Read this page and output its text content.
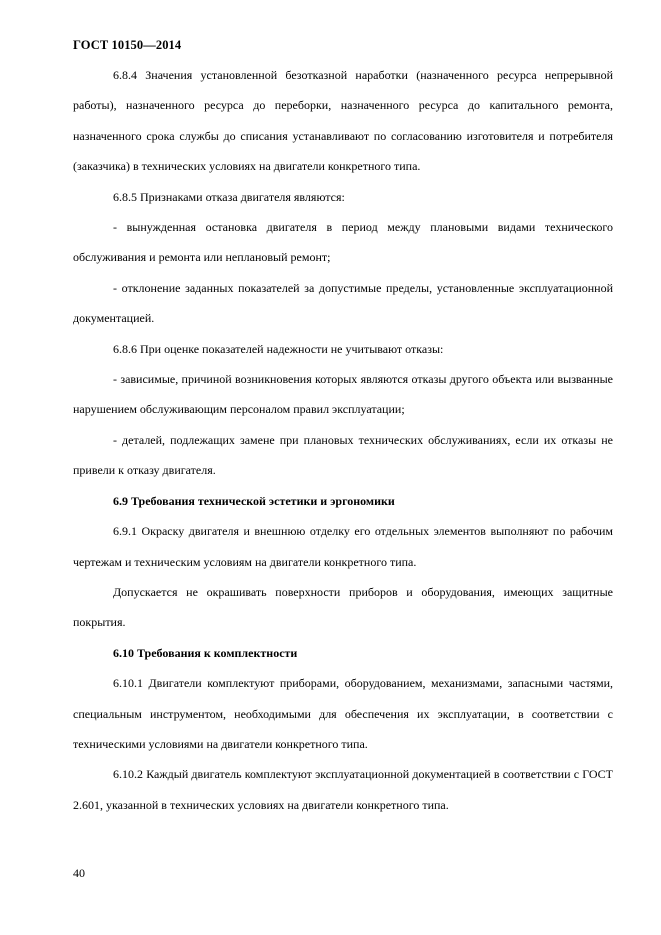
ГОСТ 10150—2014

6.8.4 Значения установленной безотказной наработки (назначенного ресурса непрерывной работы), назначенного ресурса до переборки, назначенного ресурса до капитального ремонта, назначенного срока службы до списания устанавливают по согласованию изготовителя и потребителя (заказчика) в технических условиях на двигатели конкретного типа.

6.8.5 Признаками отказа двигателя являются:

- вынужденная остановка двигателя в период между плановыми видами технического обслуживания и ремонта или неплановый ремонт;

- отклонение заданных показателей за допустимые пределы, установленные эксплуатационной документацией.

6.8.6 При оценке показателей надежности не учитывают отказы:

- зависимые, причиной возникновения которых являются отказы другого объекта или вызванные нарушением обслуживающим персоналом правил эксплуатации;

- деталей, подлежащих замене при плановых технических обслуживаниях, если их отказы не привели к отказу двигателя.

6.9 Требования технической эстетики и эргономики

6.9.1 Окраску двигателя и внешнюю отделку его отдельных элементов выполняют по рабочим чертежам и техническим условиям на двигатели конкретного типа.

Допускается не окрашивать поверхности приборов и оборудования, имеющих защитные покрытия.

6.10 Требования к комплектности

6.10.1 Двигатели комплектуют приборами, оборудованием, механизмами, запасными частями, специальным инструментом, необходимыми для обеспечения их эксплуатации, в соответствии с техническими условиями на двигатели конкретного типа.

6.10.2 Каждый двигатель комплектуют эксплуатационной документацией в соответствии с ГОСТ 2.601, указанной в технических условиях на двигатели конкретного типа.

40
